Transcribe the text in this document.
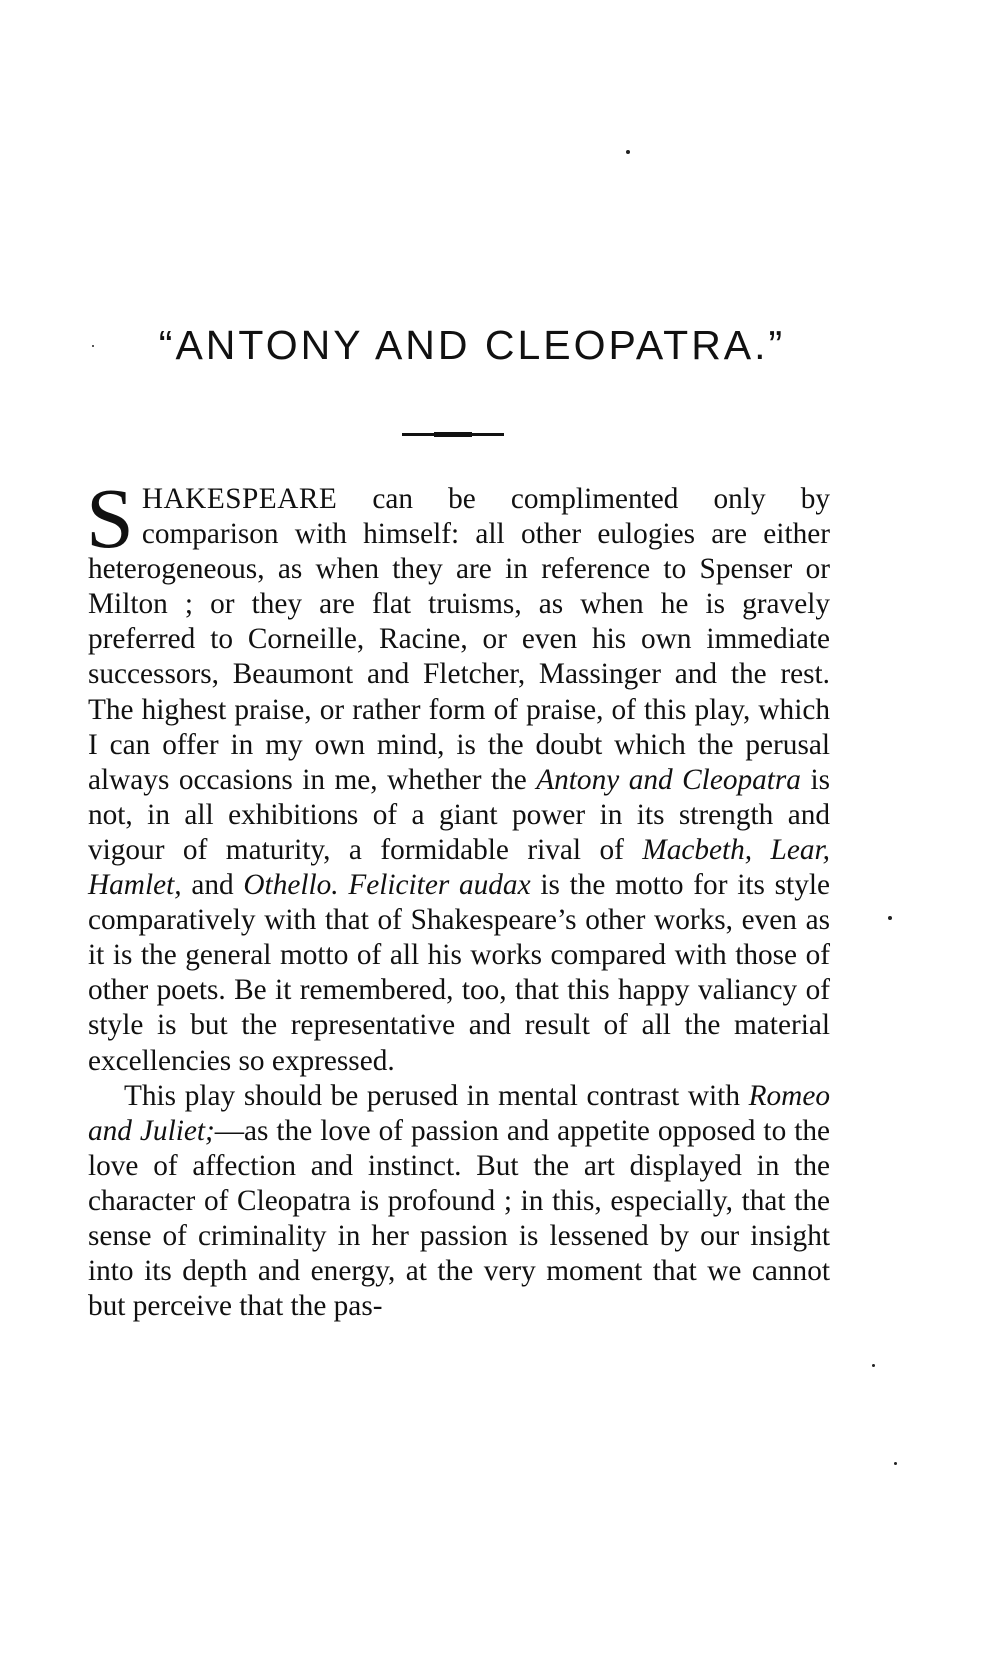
“ANTONY AND CLEOPATRA.”

SHAKESPEARE can be complimented only by comparison with himself: all other eulogies are either heterogeneous, as when they are in reference to Spenser or Milton ; or they are flat truisms, as when he is gravely preferred to Corneille, Racine, or even his own immediate successors, Beaumont and Fletcher, Massinger and the rest. The highest praise, or rather form of praise, of this play, which I can offer in my own mind, is the doubt which the perusal always occasions in me, whether the Antony and Cleopatra is not, in all exhibitions of a giant power in its strength and vigour of maturity, a formidable rival of Macbeth, Lear, Hamlet, and Othello. Feliciter audax is the motto for its style comparatively with that of Shakespeare’s other works, even as it is the general motto of all his works compared with those of other poets. Be it remembered, too, that this happy valiancy of style is but the representative and result of all the material excellencies so expressed.

This play should be perused in mental contrast with Romeo and Juliet;—as the love of passion and appetite opposed to the love of affection and instinct. But the art displayed in the character of Cleopatra is profound ; in this, especially, that the sense of criminality in her passion is lessened by our insight into its depth and energy, at the very moment that we cannot but perceive that the pas-
